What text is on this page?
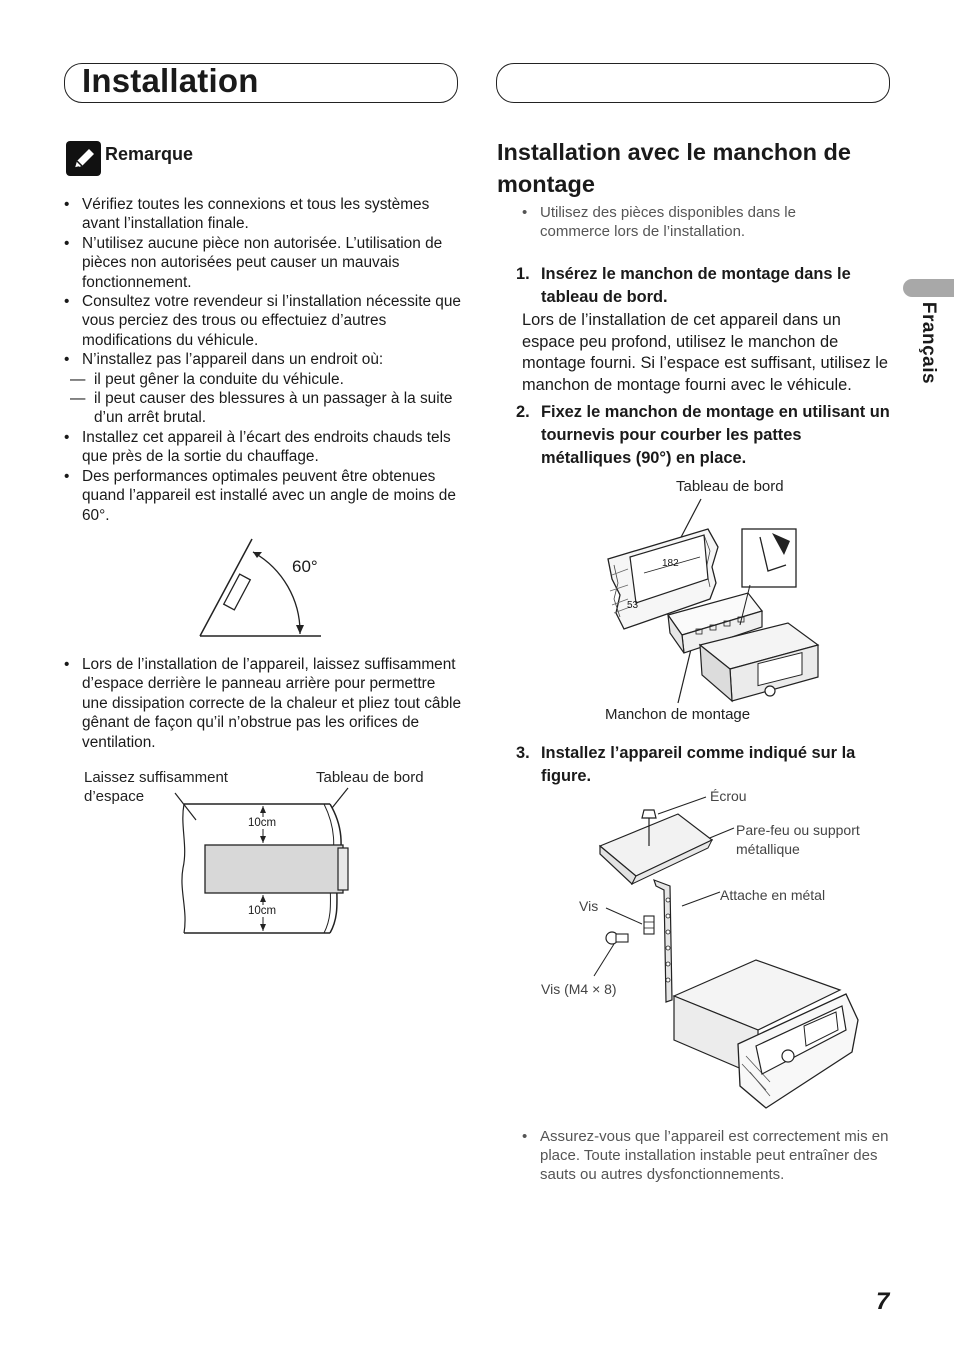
Installation
Français
Remarque
• Vérifiez toutes les connexions et tous les systèmes avant l’installation finale.
• N’utilisez aucune pièce non autorisée. L’utilisation de pièces non autorisées peut causer un mauvais fonctionnement.
• Consultez votre revendeur si l’installation nécessite que vous perciez des trous ou effectuiez d’autres modifications du véhicule.
• N’installez pas l’appareil dans un endroit où:
— il peut gêner la conduite du véhicule.
— il peut causer des blessures à un passager à la suite d’un arrêt brutal.
• Installez cet appareil à l’écart des endroits chauds tels que près de la sortie du chauffage.
• Des performances optimales peuvent être obtenues quand l’appareil est installé avec un angle de moins de 60°.
60°
• Lors de l’installation de l’appareil, laissez suffisamment d’espace derrière le panneau arrière pour permettre une dissipation correcte de la chaleur et pliez tout câble gênant de façon qu’il n’obstrue pas les orifices de ventilation.
Laissez suffisamment
d’espace
Tableau de bord
10cm
10cm
Installation avec le manchon de
montage
• Utilisez des pièces disponibles dans le commerce lors de l’installation.
1. Insérez le manchon de montage dans le tableau de bord.
Lors de l’installation de cet appareil dans un espace peu profond, utilisez le manchon de montage fourni. Si l’espace est suffisant, utilisez le manchon de montage fourni avec le véhicule.
2. Fixez le manchon de montage en utilisant un tournevis pour courber les pattes métalliques (90°) en place.
Tableau de bord
Manchon de montage
182
53
3. Installez l’appareil comme indiqué sur la figure.
Écrou
Pare-feu ou support
métallique
Attache en métal
Vis
Vis (M4 × 8)
• Assurez-vous que l’appareil est correctement mis en place. Toute installation instable peut entraîner des sauts ou autres dysfonctionnements.
7
